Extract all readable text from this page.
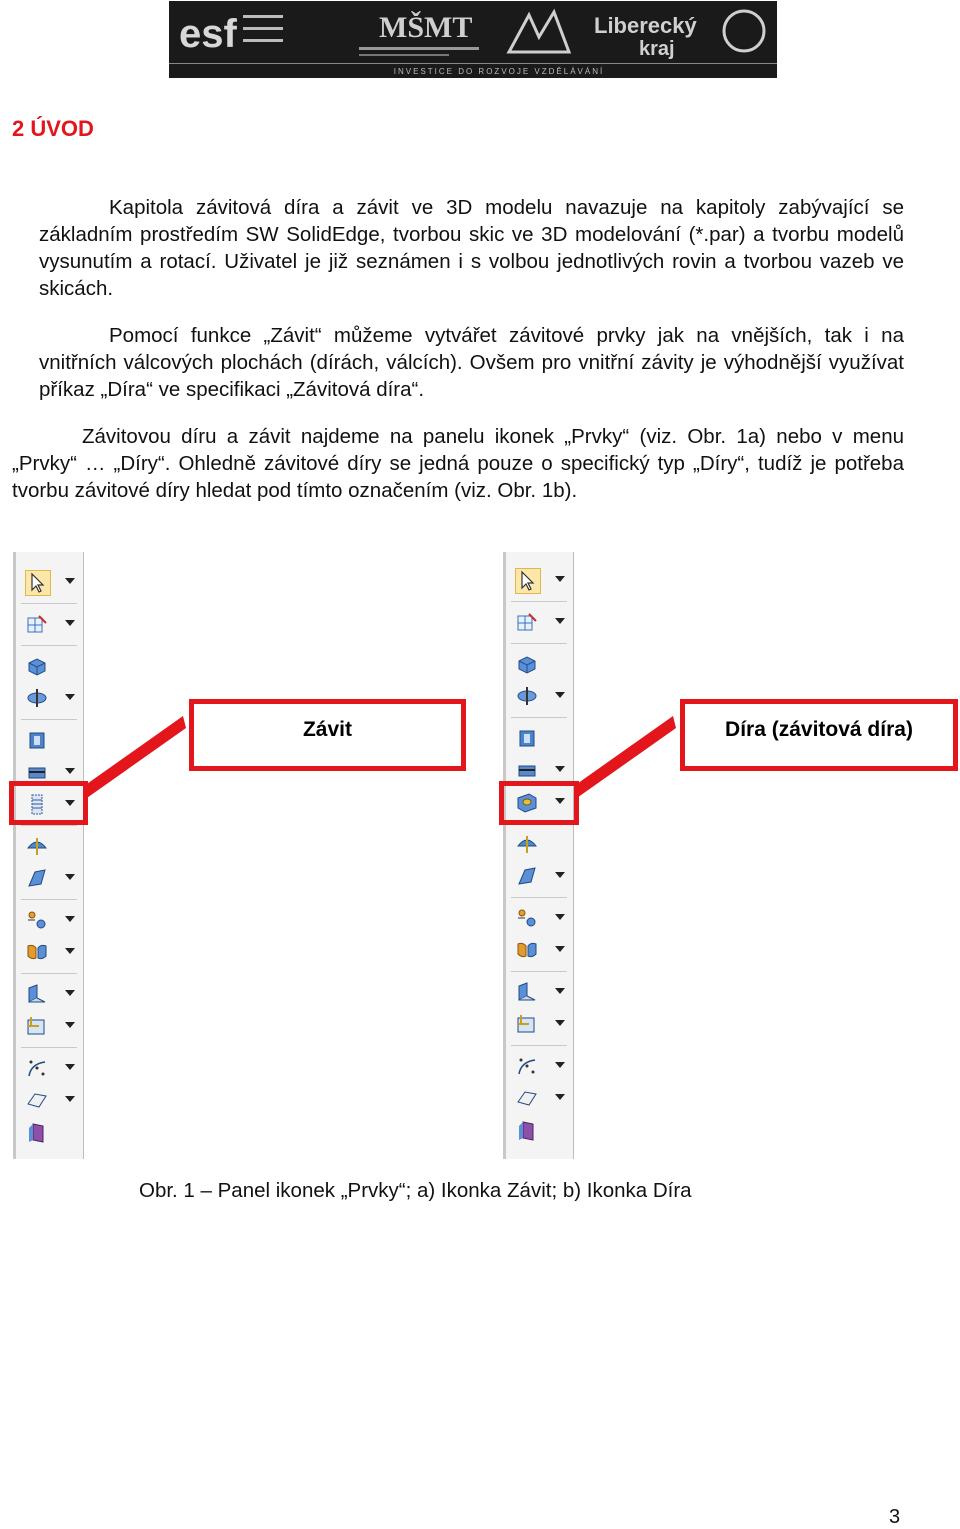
esf	MŠMT	Liberecký
kraj
INVESTICE DO ROZVOJE VZDĚLÁVÁNÍ
2 ÚVOD

Kapitola závitová díra a závit ve 3D modelu navazuje na kapitoly zabývající se základním prostředím SW SolidEdge, tvorbou skic ve 3D modelování (*.par) a tvorbu modelů vysunutím a rotací. Uživatel je již seznámen i s volbou jednotlivých rovin a tvorbou vazeb ve skicách.

Pomocí funkce „Závit“ můžeme vytvářet závitové prvky jak na vnějších, tak i na vnitřních válcových plochách (dírách, válcích). Ovšem pro vnitřní závity je výhodnější využívat příkaz „Díra“ ve specifikaci „Závitová díra“.

Závitovou díru a závit najdeme na panelu ikonek „Prvky“ (viz. Obr. 1a) nebo v menu „Prvky“ … „Díry“. Ohledně závitové díry se jedná pouze o specifický typ „Díry“, tudíž je potřeba tvorbu závitové díry hledat pod tímto označením (viz. Obr. 1b).

Závit	Díra (závitová díra)

Obr. 1 – Panel ikonek „Prvky“; a) Ikonka Závit; b) Ikonka Díra

3
